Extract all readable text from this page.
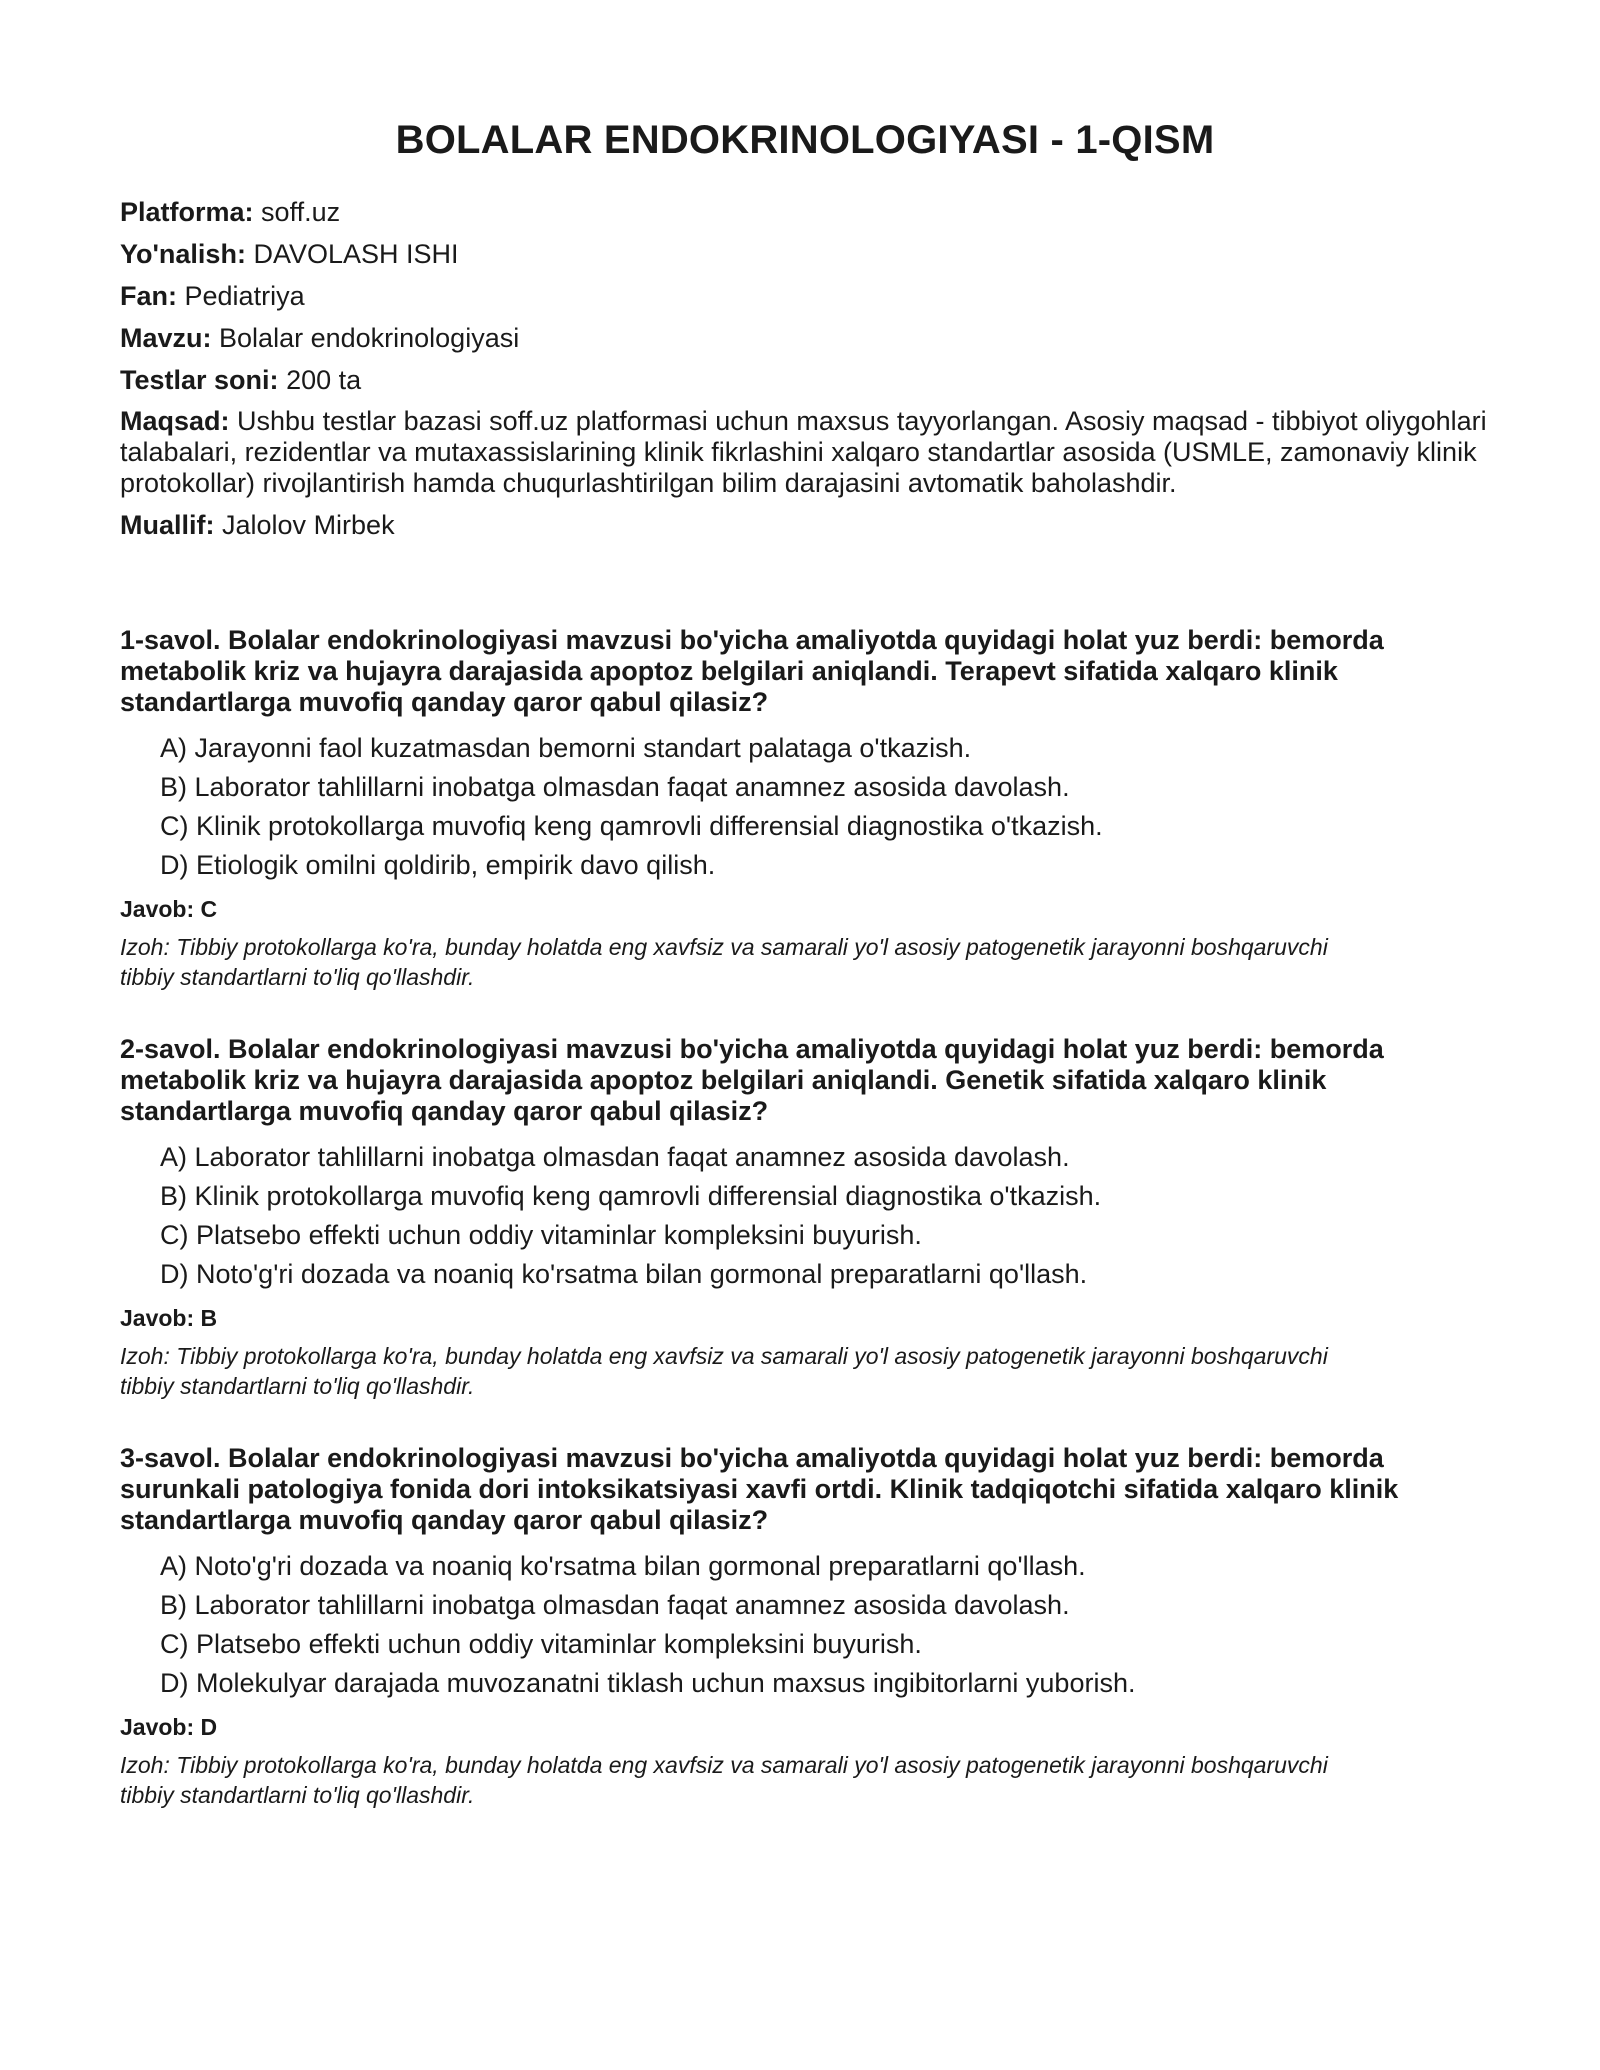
BOLALAR ENDOKRINOLOGIYASI - 1-QISM

Platforma: soff.uz

Yo'nalish: DAVOLASH ISHI

Fan: Pediatriya

Mavzu: Bolalar endokrinologiyasi

Testlar soni: 200 ta

Maqsad: Ushbu testlar bazasi soff.uz platformasi uchun maxsus tayyorlangan. Asosiy maqsad - tibbiyot oliygohlari talabalari, rezidentlar va mutaxassislarining klinik fikrlashini xalqaro standartlar asosida (USMLE, zamonaviy klinik protokollar) rivojlantirish hamda chuqurlashtirilgan bilim darajasini avtomatik baholashdir.

Muallif: Jalolov Mirbek

1-savol. Bolalar endokrinologiyasi mavzusi bo'yicha amaliyotda quyidagi holat yuz berdi: bemorda metabolik kriz va hujayra darajasida apoptoz belgilari aniqlandi. Terapevt sifatida xalqaro klinik standartlarga muvofiq qanday qaror qabul qilasiz?

A) Jarayonni faol kuzatmasdan bemorni standart palataga o'tkazish.
B) Laborator tahlillarni inobatga olmasdan faqat anamnez asosida davolash.
C) Klinik protokollarga muvofiq keng qamrovli differensial diagnostika o'tkazish.
D) Etiologik omilni qoldirib, empirik davo qilish.

Javob: C

Izoh: Tibbiy protokollarga ko'ra, bunday holatda eng xavfsiz va samarali yo'l asosiy patogenetik jarayonni boshqaruvchi tibbiy standartlarni to'liq qo'llashdir.

2-savol. Bolalar endokrinologiyasi mavzusi bo'yicha amaliyotda quyidagi holat yuz berdi: bemorda metabolik kriz va hujayra darajasida apoptoz belgilari aniqlandi. Genetik sifatida xalqaro klinik standartlarga muvofiq qanday qaror qabul qilasiz?

A) Laborator tahlillarni inobatga olmasdan faqat anamnez asosida davolash.
B) Klinik protokollarga muvofiq keng qamrovli differensial diagnostika o'tkazish.
C) Platsebo effekti uchun oddiy vitaminlar kompleksini buyurish.
D) Noto'g'ri dozada va noaniq ko'rsatma bilan gormonal preparatlarni qo'llash.

Javob: B

Izoh: Tibbiy protokollarga ko'ra, bunday holatda eng xavfsiz va samarali yo'l asosiy patogenetik jarayonni boshqaruvchi tibbiy standartlarni to'liq qo'llashdir.

3-savol. Bolalar endokrinologiyasi mavzusi bo'yicha amaliyotda quyidagi holat yuz berdi: bemorda surunkali patologiya fonida dori intoksikatsiyasi xavfi ortdi. Klinik tadqiqotchi sifatida xalqaro klinik standartlarga muvofiq qanday qaror qabul qilasiz?

A) Noto'g'ri dozada va noaniq ko'rsatma bilan gormonal preparatlarni qo'llash.
B) Laborator tahlillarni inobatga olmasdan faqat anamnez asosida davolash.
C) Platsebo effekti uchun oddiy vitaminlar kompleksini buyurish.
D) Molekulyar darajada muvozanatni tiklash uchun maxsus ingibitorlarni yuborish.

Javob: D

Izoh: Tibbiy protokollarga ko'ra, bunday holatda eng xavfsiz va samarali yo'l asosiy patogenetik jarayonni boshqaruvchi tibbiy standartlarni to'liq qo'llashdir.
